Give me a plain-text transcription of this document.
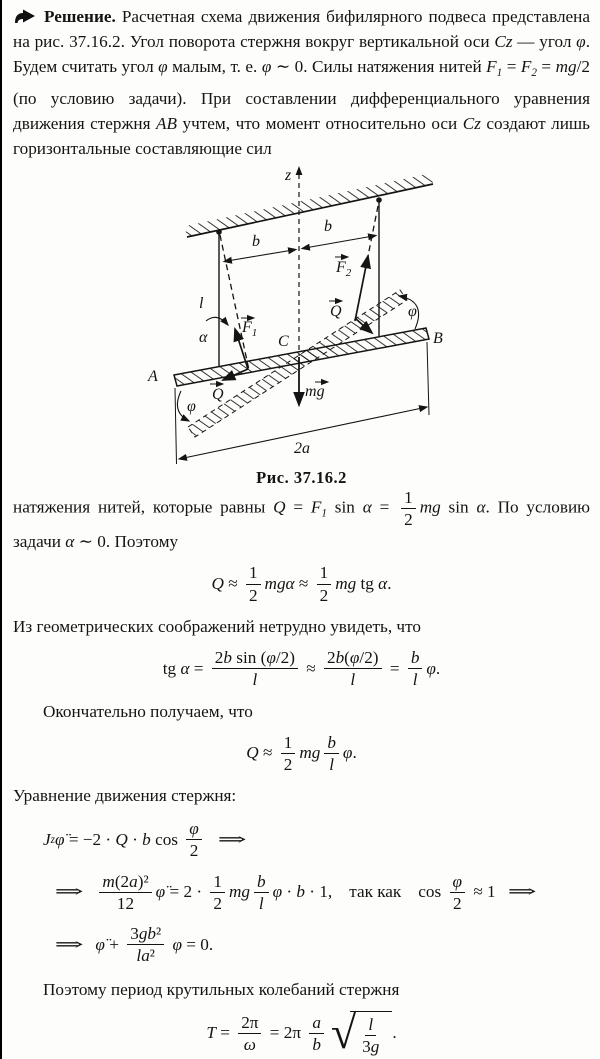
Решение. Расчетная схема движения бифилярного подвеса представлена на рис. 37.16.2. Угол поворота стержня вокруг вертикальной оси Cz — угол φ. Будем считать угол φ малым, т. е. φ ∼ 0. Силы натяжения нитей $F_1 = F_2 = mg/2$ (по условию задачи). При составлении дифференциального уравнения движения стержня AB учтем, что момент относительно оси Cz создают лишь горизонтальные составляющие сил

z
b
b
l
α
$F_1$
Q
$F_2$
Q
C
mg
A
B
φ
φ
2a
Рис. 37.16.2

натяжения нитей, которые равны $Q = F_1$ $\sin \alpha = \frac{1}{2}$ mg sin α. По условию задачи α ∼ 0. Поэтому

$Q \approx \frac{1}{2}$ $mg\alpha \approx \frac{1}{2}$ mg tg α .

Из геометрических соображений нетрудно увидеть, что

tg $\alpha = \frac{\text{2b sin (φ/2)}}{l} \approx \frac{2b(\varphi/2)}{l} = \frac{b}{l}$ φ .

Окончательно получаем, что

$Q \approx \frac{1}{2}$ mg $\frac{b}{l}$ φ .

Уравнение движения стержня:

J z φ̈ = −2 · Q · b $\cos \frac{\varphi}{2}$ ⇒
⇒ $\frac{\text{m(2a)²}}{12}$ φ̈ = $2 \cdot \frac{1}{2}$ mg $\frac{b}{l}$ φ · b · 1, так как $\cos \frac{\varphi}{2} \approx 1$ ⇒
⇒ φ̈ + $\frac{\text{3gb²}}{\text{la²}}$
φ = 0.

Поэтому период крутильных колебаний стержня

$T = \frac{2\pi}{\omega} = 2\pi \frac{a}{b}$ √ $\frac{l}{3g}$ .
